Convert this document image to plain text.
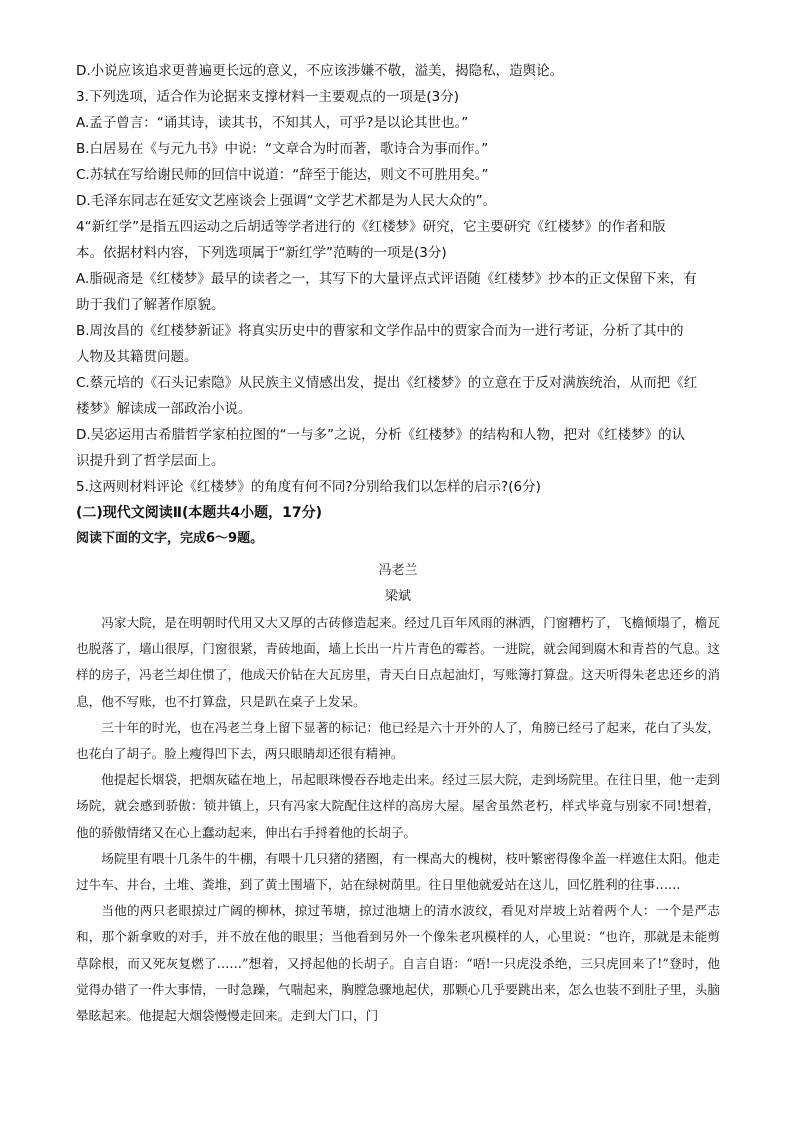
D.小说应该追求更普遍更长远的意义，不应该涉嫌不敬，溢美，揭隐私，造舆论。

3.下列选项，适合作为论据来支撑材料一主要观点的一项是(3分)

A.孟子曾言：“诵其诗，读其书，不知其人，可乎?是以论其世也。”

B.白居易在《与元九书》中说：“文章合为时而著，歌诗合为事而作。”

C.苏轼在写给谢民师的回信中说道：“辞至于能达，则文不可胜用矣。”

D.毛泽东同志在延安文艺座谈会上强调“文学艺术都是为人民大众的”。

4“新红学”是指五四运动之后胡适等学者进行的《红楼梦》研究，它主要研究《红楼梦》的作者和版

本。依据材料内容，下列选项属于“新红学”范畴的一项是(3分)

A.脂砚斋是《红楼梦》最早的读者之一，其写下的大量评点式评语随《红楼梦》抄本的正文保留下来，有

助于我们了解著作原貌。

B.周汝昌的《红楼梦新证》将真实历史中的曹家和文学作品中的贾家合而为一进行考证，分析了其中的

人物及其籍贯问题。

C.蔡元培的《石头记索隐》从民族主义情感出发，提出《红楼梦》的立意在于反对满族统治，从而把《红

楼梦》解读成一部政治小说。

D.吴宓运用古希腊哲学家柏拉图的“一与多”之说，分析《红楼梦》的结构和人物，把对《红楼梦》的认

识提升到了哲学层面上。

5.这两则材料评论《红楼梦》的角度有何不同?分别给我们以怎样的启示?(6分)

(二)现代文阅读Ⅱ(本题共4小题，17分)

阅读下面的文字，完成6～9题。

冯老兰

梁斌

冯家大院，是在明朝时代用又大又厚的古砖修造起来。经过几百年风雨的淋洒，门窗糟朽了，飞檐倾塌了，檐瓦也脱落了，墙山很厚，门窗很紧，青砖地面，墙上长出一片片青色的霉苔。一进院，就会闻到腐木和青苔的气息。这样的房子，冯老兰却住惯了，他成天价钻在大瓦房里，青天白日点起油灯，写账簿打算盘。这天听得朱老忠还乡的消息，他不写账，也不打算盘，只是趴在桌子上发呆。

三十年的时光，也在冯老兰身上留下显著的标记：他已经是六十开外的人了，角膀已经弓了起来，花白了头发，也花白了胡子。脸上瘦得凹下去，两只眼睛却还很有精神。

他提起长烟袋，把烟灰磕在地上，吊起眼珠慢吞吞地走出来。经过三层大院，走到场院里。在往日里，他一走到场院，就会感到骄傲：锁井镇上，只有冯家大院配住这样的高房大屋。屋舍虽然老朽，样式毕竟与别家不同!想着，他的骄傲情绪又在心上蠢动起来，伸出右手捋着他的长胡子。

场院里有喂十几条牛的牛棚，有喂十几只猪的猪圈，有一棵高大的槐树，枝叶繁密得像伞盖一样遮住太阳。他走过牛车、井台，土堆、粪堆，到了黄土围墙下，站在绿树荫里。往日里他就爱站在这儿，回忆胜利的往事……

当他的两只老眼掠过广阔的柳林，掠过苇塘，掠过池塘上的清水波纹，看见对岸坡上站着两个人：一个是严志和，那个新拿败的对手，并不放在他的眼里；当他看到另外一个像朱老巩模样的人，心里说：“也许，那就是未能剪草除根，而又死灰复燃了……”想着，又捋起他的长胡子。自言自语：“唔!一只虎没杀绝，三只虎回来了!”登时，他觉得办错了一件大事情，一时急躁，气喘起来，胸膛急骤地起伏，那颗心几乎要跳出来，怎么也装不到肚子里，头脑晕眩起来。他提起大烟袋慢慢走回来。走到大门口，门
